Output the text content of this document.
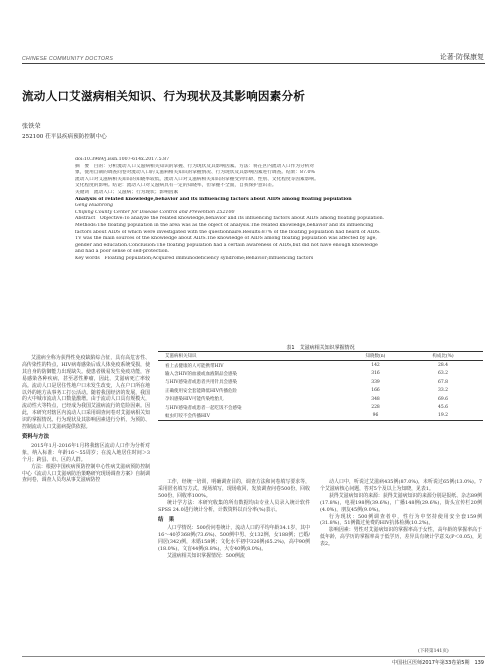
CHINESE COMMUNITY DOCTORS	论著·防保康复
流动人口艾滋病相关知识、行为现状及其影响因素分析
张铁荣
252100 茌平县疾病预防控制中心

doi:10.3969/j.issn.1007-614x.2017.5.87

摘　要　目的：分析流动人口艾滋病相关知识的掌握、行为现状及其影响因素。方法：将茌区内流动人口作为分析对

象，使用自制的调查问卷对流动人口的艾滋病相关知识的掌握情况、行为现状及其影响因素进行调查。结果：87.0%

流动人口对艾滋病相关知识的知晓率较低，流动人口对艾滋病相关知识的掌握受到年龄、性别、文化程度等因素影响。

文化程度的影响。结论：流动人口对艾滋病具有一定的知晓率，但掌握不全面，自我保护意识差。

关键词　流动人口；艾滋病；行为现状；影响因素

Analysis of related knowledge,behavior and its influencing factors about AIDS among floating population

Geng Huanrong

Chiping County Center for Disease Control and Prevention 252100

Abstract　Objective:To analyze the related knowledge,behavior and its influencing factors about AIDS among floating population.

Methods:The floating population in the area was as the object of analysis.The related knowledge,behavior and its influencing

factors about AIDS of which were investigated with the questionnaire.Results:87% of the floating population had heard of AIDS.

TV was the main sources of the knowledge about AIDS.The knowledge of AIDS among floating population was affected by age,

gender and education.Conclusion:The floating population had a certain awareness of AIDS,but did not have enough knowledge

and had a poor sense of self-protection.

Key words　Floating population;Acquired immunodeficiency syndrome;Behavior;Influencing factors

艾滋病全称为获得性免疫缺陷综合征，具有高危害性、高传染性的特点，HIV病毒感染后成人体免疫系统受损，使其自身的防御能力出现缺失。使患者极易发生免疫功能，容易感染各种疾病，甚至恶性肿瘤，因此，艾滋病死亡率较高。流动人口是居住性地户口未发生改变，人在户口所在地以外的地方从事务工打公活动。随着我国经济的发展，我国的大中城市流动人口数量激增。由于流动人口具有规模大，流动性大等特点，已经成为我国艾滋病流行的危险因素。因此，本研究对辖区内流动人口采用调查问卷对艾滋病相关知识的掌握情况、行为现状及其影响因素进行分析，为预防、控制流动人口艾滋病提供依据。

资料与方法

2015年1月-2016年1月将我辖区流动人口作为分析对象，纳入标准：年龄16～55周岁；在流入地居住时间＞3个月；跨县、市、区的人群。

方法：根据中国疾病预防控制中心性病艾滋病预防控制中心《流动人口艾滋病防治策略研究现场调查方案》自制调查问卷，调查人员均从事艾滋病防控

表1　艾滋病相关知识掌握情况
艾滋病相关知识	知晓数(n)	构成比(%)
看上去健康的人可能携带HIV	142	28.4
输入含HIV的血液或血液制品会感染	316	63.2
与HIV感染者或患者共用针具会感染	339	67.8
正确使用安全套能降低HIV传播危险	166	33.2
孕妇感染HIV可能传染给胎儿	348	69.6
与HIV感染者或患者一起吃饭不会感染	228	45.6
蚊虫叮咬不会传播HIV	96	19.2

工作，经统一培训，明确调查目的，调查方法和问卷填写要求等，采用匿名填写方式。现场填写，现场收回，发放调查问卷500份，回收500份，回收率100%。

统计学方法：本研究收集的所有数据均由专业人员录入统计软件SPSS 24.0进行统计分析，计数资料以百分率(%)表示。

结　果

人口学情况：500份问卷统计，流动人口的平均年龄34.1岁，其中16～40岁368例(73.6%)、500例中男、女132例，女188例；已婚/同居(342)例，未婚158例；文化水平初中326例(65.2%)，高中90例(18.0%)，文盲44例(8.8%)，大专40例(8.0%)。

艾滋病相关知识掌握情况：500例流

动人口中，听说过艾滋病435例(87.0%)，未听说过65例(13.0%)。7个艾滋病核心问题，答对5个及以上为知晓，见表1。

获得艾滋病知识的来源：获得艾滋病知识的来源分别是报纸、杂志89例(17.8%)，电视198例(39.6%)，广播148例(29.6%)，街头宣传栏20例(4.0%)，朋友45例(9.0%)。

行为现状：500例调查者中，性行为中坚持使用安全套159例(31.8%)，51例做过免费的HIV抗体检测(10.2%)。

影响因素：男性对艾滋病知识的掌握率高于女性，高年龄的掌握率高于低年龄，高学历的掌握率高于低学历，差异具有统计学意义(P＜0.05)，见表2。

(下转第141页)
中国社区医师2017年第33卷第5期　139
